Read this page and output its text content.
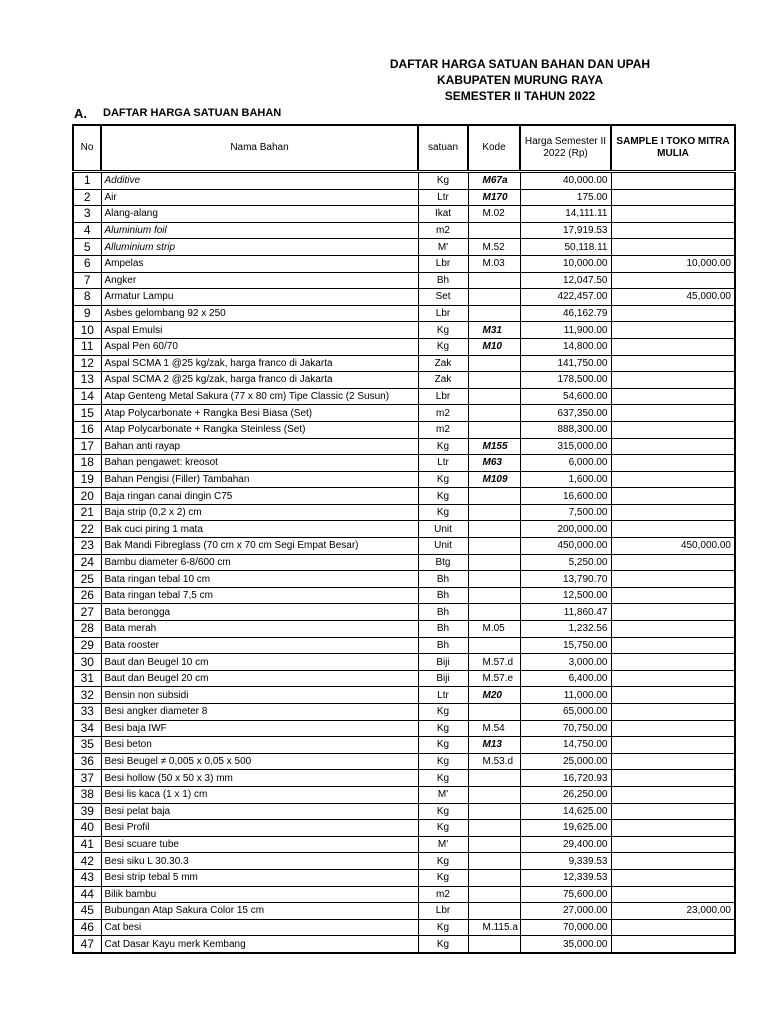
DAFTAR HARGA SATUAN BAHAN DAN UPAH
KABUPATEN MURUNG RAYA
SEMESTER II TAHUN 2022
A. DAFTAR HARGA SATUAN BAHAN
No	Nama Bahan	satuan	Kode	Harga Semester II 2022 (Rp)	SAMPLE I TOKO MITRA MULIA
1	Additive	Kg	M67a	40,000.00	
2	Air	Ltr	M170	175.00	
3	Alang-alang	Ikat	M.02	14,111.11	
4	Aluminium foil	m2		17,919.53	
5	Alluminium strip	M'	M.52	50,118.11	
6	Ampelas	Lbr	M.03	10,000.00	10,000.00
7	Angker	Bh		12,047.50	
8	Armatur Lampu	Set		422,457.00	45,000.00
9	Asbes gelombang 92 x 250	Lbr		46,162.79	
10	Aspal Emulsi	Kg	M31	11,900.00	
11	Aspal Pen 60/70	Kg	M10	14,800.00	
12	Aspal SCMA 1 @25 kg/zak, harga franco di Jakarta	Zak		141,750.00	
13	Aspal SCMA 2 @25 kg/zak, harga franco di Jakarta	Zak		178,500.00	
14	Atap Genteng Metal Sakura (77 x 80 cm) Tipe Classic (2 Susun)	Lbr		54,600.00	
15	Atap Polycarbonate + Rangka Besi Biasa (Set)	m2		637,350.00	
16	Atap Polycarbonate + Rangka Steinless (Set)	m2		888,300.00	
17	Bahan anti rayap	Kg	M155	315,000.00	
18	Bahan pengawet: kreosot	Ltr	M63	6,000.00	
19	Bahan Pengisi (Filler) Tambahan	Kg	M109	1,600.00	
20	Baja ringan canai dingin C75	Kg		16,600.00	
21	Baja strip (0,2 x 2) cm	Kg		7,500.00	
22	Bak cuci piring 1 mata	Unit		200,000.00	
23	Bak Mandi Fibreglass (70 cm x 70 cm Segi Empat Besar)	Unit		450,000.00	450,000.00
24	Bambu diameter 6-8/600 cm	Btg		5,250.00	
25	Bata ringan tebal 10 cm	Bh		13,790.70	
26	Bata ringan tebal 7,5 cm	Bh		12,500.00	
27	Bata berongga	Bh		11,860.47	
28	Bata merah	Bh	M.05	1,232.56	
29	Bata rooster	Bh		15,750.00	
30	Baut dan Beugel 10 cm	Biji	M.57.d	3,000.00	
31	Baut dan Beugel 20 cm	Biji	M.57.e	6,400.00	
32	Bensin non subsidi	Ltr	M20	11,000.00	
33	Besi angker diameter 8	Kg		65,000.00	
34	Besi baja IWF	Kg	M.54	70,750.00	
35	Besi beton	Kg	M13	14,750.00	
36	Besi Beugel ≠ 0,005 x 0,05 x 500	Kg	M.53.d	25,000.00	
37	Besi hollow (50 x 50 x 3) mm	Kg		16,720.93	
38	Besi lis kaca (1 x 1) cm	M'		26,250.00	
39	Besi pelat baja	Kg		14,625.00	
40	Besi Profil	Kg		19,625.00	
41	Besi scuare tube	M'		29,400.00	
42	Besi siku L 30.30.3	Kg		9,339.53	
43	Besi strip tebal 5 mm	Kg		12,339.53	
44	Bilik bambu	m2		75,600.00	
45	Bubungan Atap Sakura Color 15 cm	Lbr		27,000.00	23,000.00
46	Cat besi	Kg	M.115.a	70,000.00	
47	Cat Dasar Kayu merk Kembang	Kg		35,000.00	
